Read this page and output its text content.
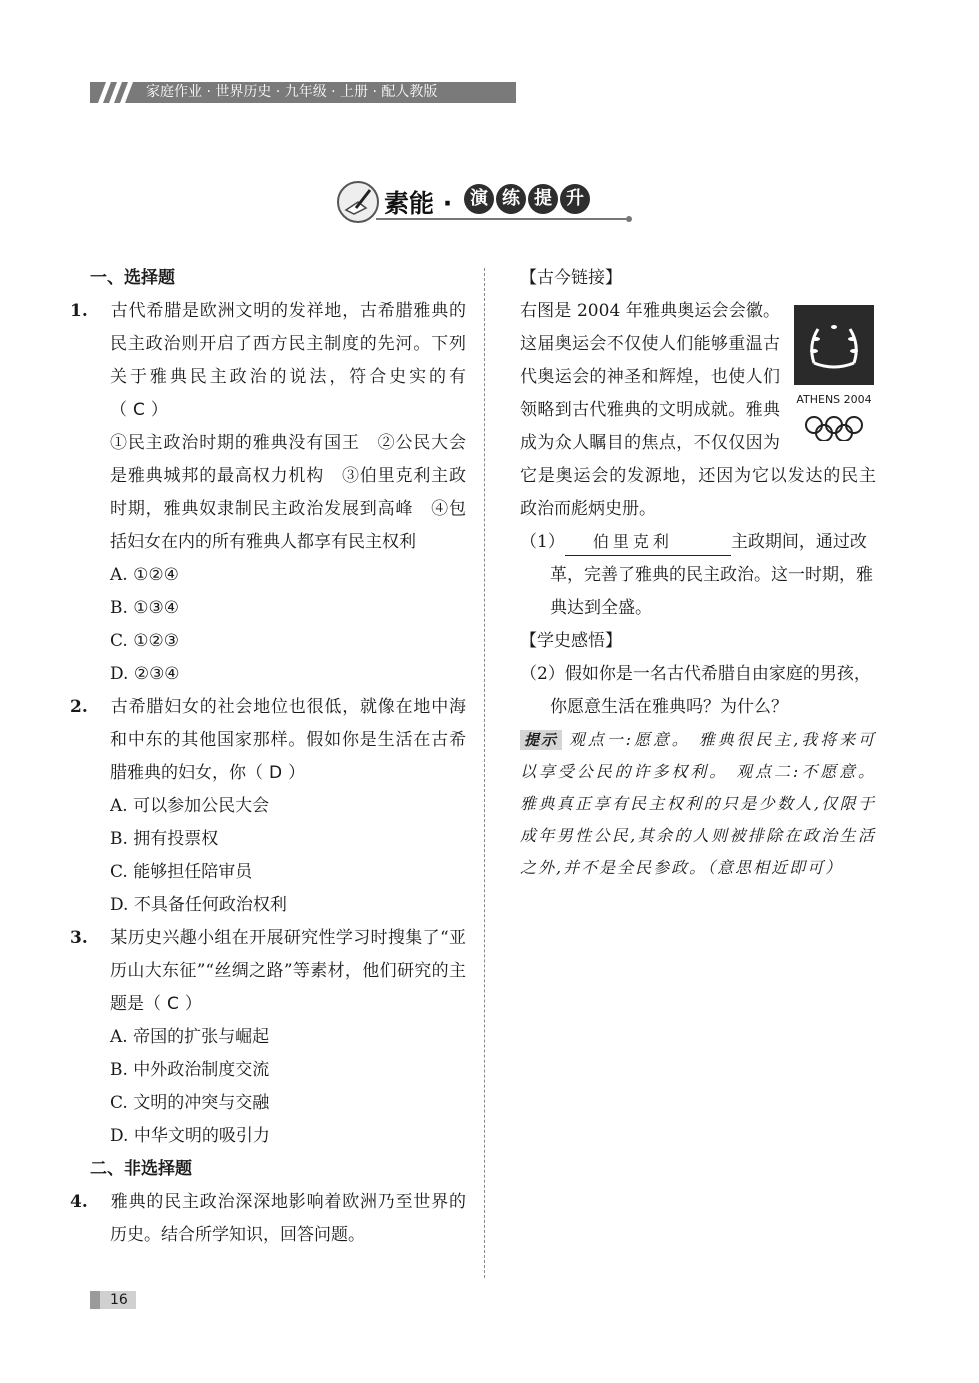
家庭作业 · 世界历史 · 九年级 · 上册 · 配人教版
素能 · 演 练 提 升
一、选择题
1. 古代希腊是欧洲文明的发祥地，古希腊雅典的民主政治则开启了西方民主制度的先河。下列关于雅典民主政治的说法，符合史实的有（ C ）
①民主政治时期的雅典没有国王　②公民大会是雅典城邦的最高权力机构　③伯里克利主政时期，雅典奴隶制民主政治发展到高峰　④包括妇女在内的所有雅典人都享有民主权利
A. ①②④
B. ①③④
C. ①②③
D. ②③④
2. 古希腊妇女的社会地位也很低，就像在地中海和中东的其他国家那样。假如你是生活在古希腊雅典的妇女，你（ D ）
A. 可以参加公民大会
B. 拥有投票权
C. 能够担任陪审员
D. 不具备任何政治权利
3. 某历史兴趣小组在开展研究性学习时搜集了“亚历山大东征”“丝绸之路”等素材，他们研究的主题是（ C ）
A. 帝国的扩张与崛起
B. 中外政治制度交流
C. 文明的冲突与交融
D. 中华文明的吸引力
二、非选择题
4. 雅典的民主政治深深地影响着欧洲乃至世界的历史。结合所学知识，回答问题。
【古今链接】
ATHENS 2004
右图是 2004 年雅典奥运会会徽。这届奥运会不仅使人们能够重温古代奥运会的神圣和辉煌，也使人们领略到古代雅典的文明成就。雅典成为众人瞩目的焦点，不仅仅因为它是奥运会的发源地，还因为它以发达的民主政治而彪炳史册。
（1） 伯里克利	主政期间，通过改革，完善了雅典的民主政治。这一时期，雅典达到全盛。
【学史感悟】
（2）假如你是一名古代希腊自由家庭的男孩，你愿意生活在雅典吗？为什么？
提示 观点一:愿意。 雅典很民主,我将来可以享受公民的许多权利。 观点二:不愿意。 雅典真正享有民主权利的只是少数人,仅限于成年男性公民,其余的人则被排除在政治生活之外,并不是全民参政。（意思相近即可）
16
